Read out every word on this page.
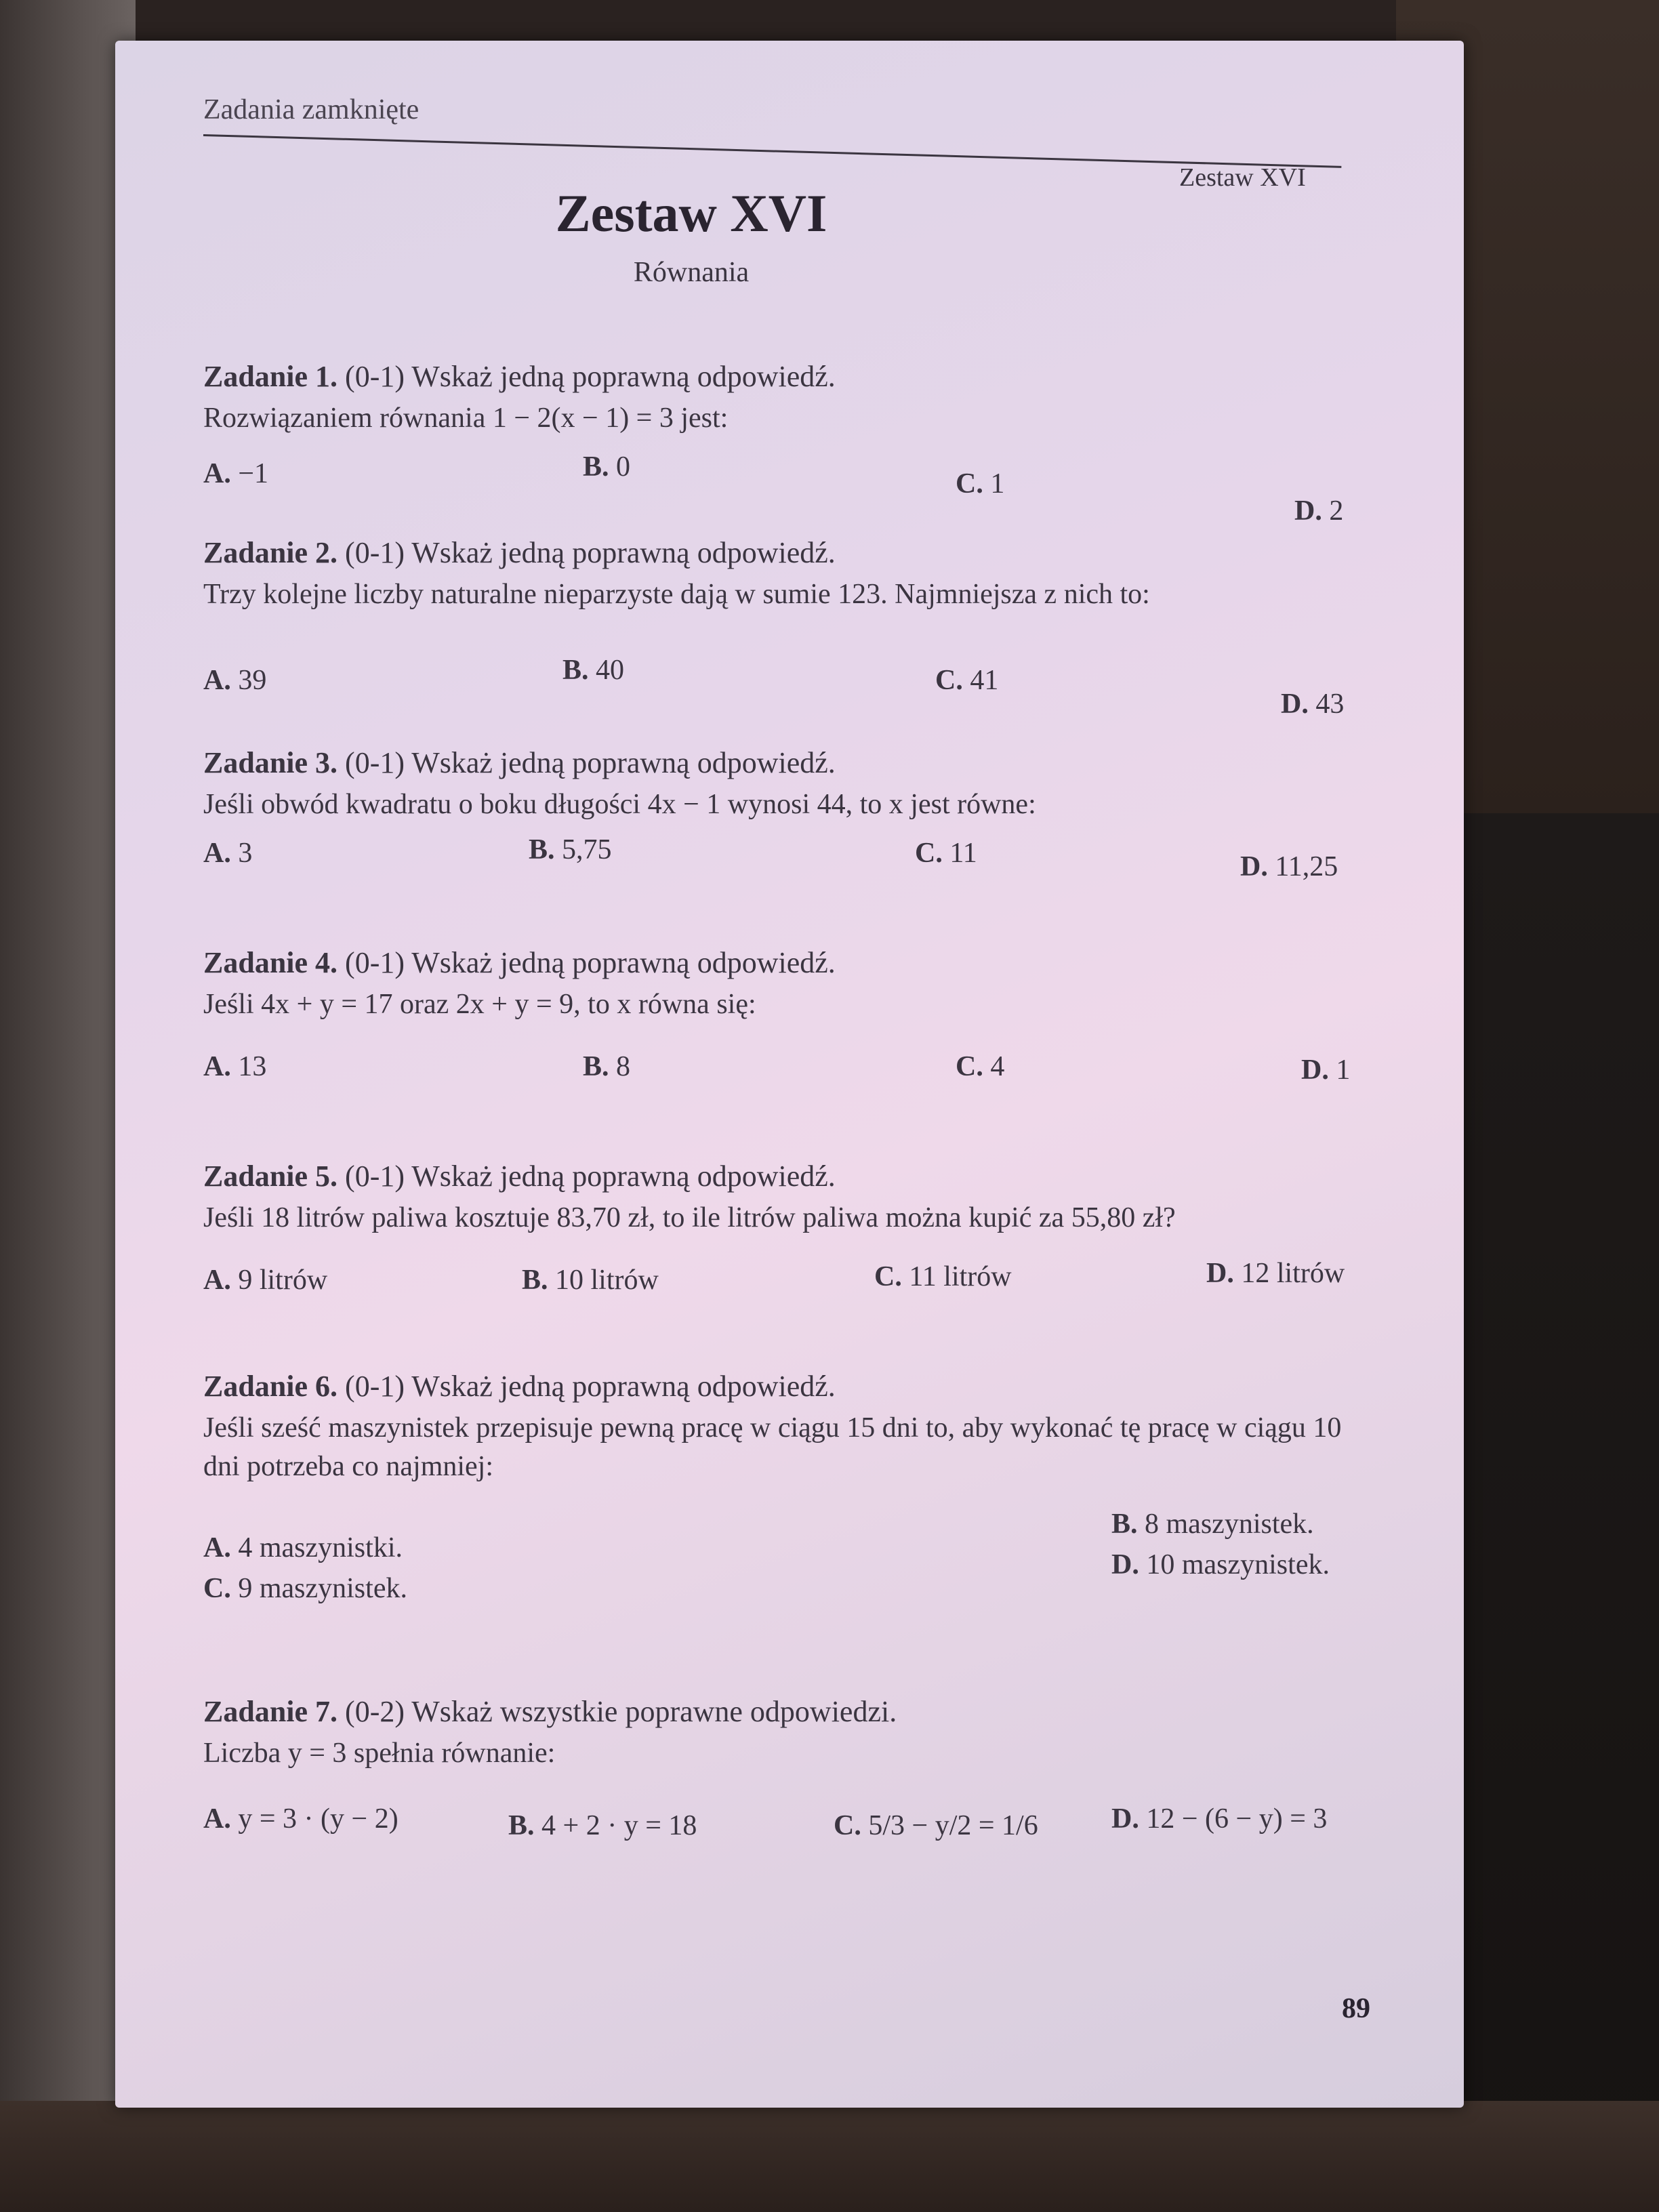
Zadania zamknięte
Zestaw XVI
Zestaw XVI
Równania
Zadanie 1. (0-1) Wskaż jedną poprawną odpowiedź.
Rozwiązaniem równania 1 − 2(x − 1) = 3 jest:
A. −1	B. 0
C. 1
D. 2
Zadanie 2. (0-1) Wskaż jedną poprawną odpowiedź.
Trzy kolejne liczby naturalne nieparzyste dają w sumie 123. Najmniejsza z nich to:
A. 39	B. 40	C. 41
D. 43
Zadanie 3. (0-1) Wskaż jedną poprawną odpowiedź.
Jeśli obwód kwadratu o boku długości 4x − 1 wynosi 44, to x jest równe:
A. 3	B. 5,75	C. 11	D. 11,25
Zadanie 4. (0-1) Wskaż jedną poprawną odpowiedź.
Jeśli 4x + y = 17 oraz 2x + y = 9, to x równa się:
A. 13	B. 8	C. 4	D. 1
Zadanie 5. (0-1) Wskaż jedną poprawną odpowiedź.
Jeśli 18 litrów paliwa kosztuje 83,70 zł, to ile litrów paliwa można kupić za 55,80 zł?
A. 9 litrów	B. 10 litrów	C. 11 litrów	D. 12 litrów
Zadanie 6. (0-1) Wskaż jedną poprawną odpowiedź.
Jeśli sześć maszynistek przepisuje pewną pracę w ciągu 15 dni to, aby wykonać tę pracę w ciągu 10 dni potrzeba co najmniej:
A. 4 maszynistki.
B. 8 maszynistek.
C. 9 maszynistek.
D. 10 maszynistek.
Zadanie 7. (0-2) Wskaż wszystkie poprawne odpowiedzi.
Liczba y = 3 spełnia równanie:
A. y = 3 · (y − 2)	B. 4 + 2 · y = 18	C. 5/3 − y/2 = 1/6	D. 12 − (6 − y) = 3
89
